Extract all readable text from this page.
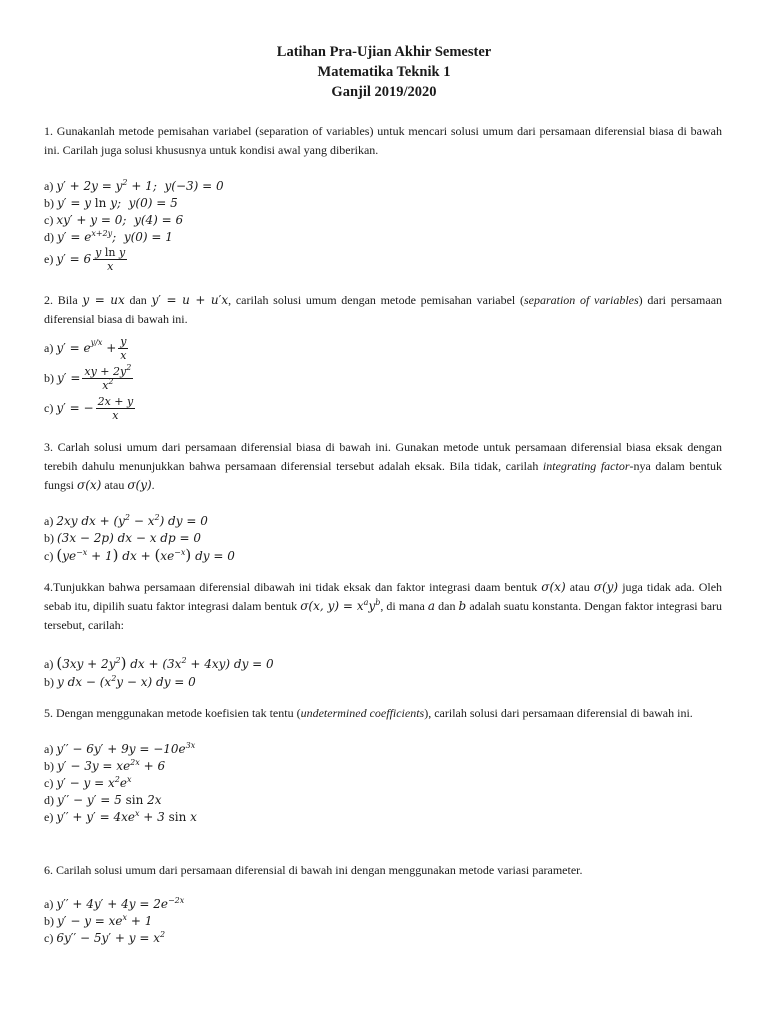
Latihan Pra-Ujian Akhir Semester
Matematika Teknik 1
Ganjil 2019/2020
1. Gunakanlah metode pemisahan variabel (separation of variables) untuk mencari solusi umum dari persamaan diferensial biasa di bawah ini. Carilah juga solusi khususnya untuk kondisi awal yang diberikan.
a) $y' + 2y = y^2 + 1$;  y(−3) = 0
b) y′ = y ln y;  y(0) = 5
c) xy′ + y = 0;  y(4) = 6
d) $y' = e^{x+2y}$;  y(0) = 1
e)
$y' = 6 \frac{\text{y ln y}}{x}$
2. Bila y = ux dan y′ = u + u′x, carilah solusi umum dengan metode pemisahan variabel (separation of variables) dari persamaan diferensial biasa di bawah ini.
a)
$y' = e^{y/x} + \frac{y}{x}$
b)
$y' = \frac{xy + 2y^2}{x^2}$
c)
y′ = − $\frac{2x + y}{x}$
3. Carlah solusi umum dari persamaan diferensial biasa di bawah ini. Gunakan metode untuk persamaan diferensial biasa eksak dengan terebih dahulu menunjukkan bahwa persamaan diferensial tersebut adalah eksak. Bila tidak, carilah integrating factor-nya dalam bentuk fungsi σ(x) atau σ(y).
a) 2xy dx + $(y^2 - x^2)$ dy = 0
b) (3x − 2p) dx − x dp = 0
c) $(ye^{-x} + 1)$ dx + $(xe^{-x})$ dy = 0
4.Tunjukkan bahwa persamaan diferensial dibawah ini tidak eksak dan faktor integrasi daam bentuk σ(x) atau σ(y) juga tidak ada. Oleh sebab itu, dipilih suatu faktor integrasi dalam bentuk σ(x, $y) = x^ay^b$, di mana a dan b adalah suatu konstanta. Dengan faktor integrasi baru tersebut, carilah:
a) $(3xy + 2y^2)$ dx + $(3x^2 + 4xy)$ dy = 0
b) y dx − $(x^2y - x)$ dy = 0
5. Dengan menggunakan metode koefisien tak tentu (undetermined coefficients), carilah solusi dari persamaan diferensial di bawah ini.
a) $y'' - 6y' + 9y = -10e^{3x}$
b) $y' - 3y = xe^{2x} + 6$
c) $y' - y = x^2e^x$
d) y′′ − y′ = 5 sin 2x
e) $y'' + y' = 4xe^x + 3$ sin x
6. Carilah solusi umum dari persamaan diferensial di bawah ini dengan menggunakan metode variasi parameter.
a) $y'' + 4y' + 4y = 2e^{-2x}$
b) $y' - y = xe^x + 1$
c) $6y'' - 5y' + y = x^2$
